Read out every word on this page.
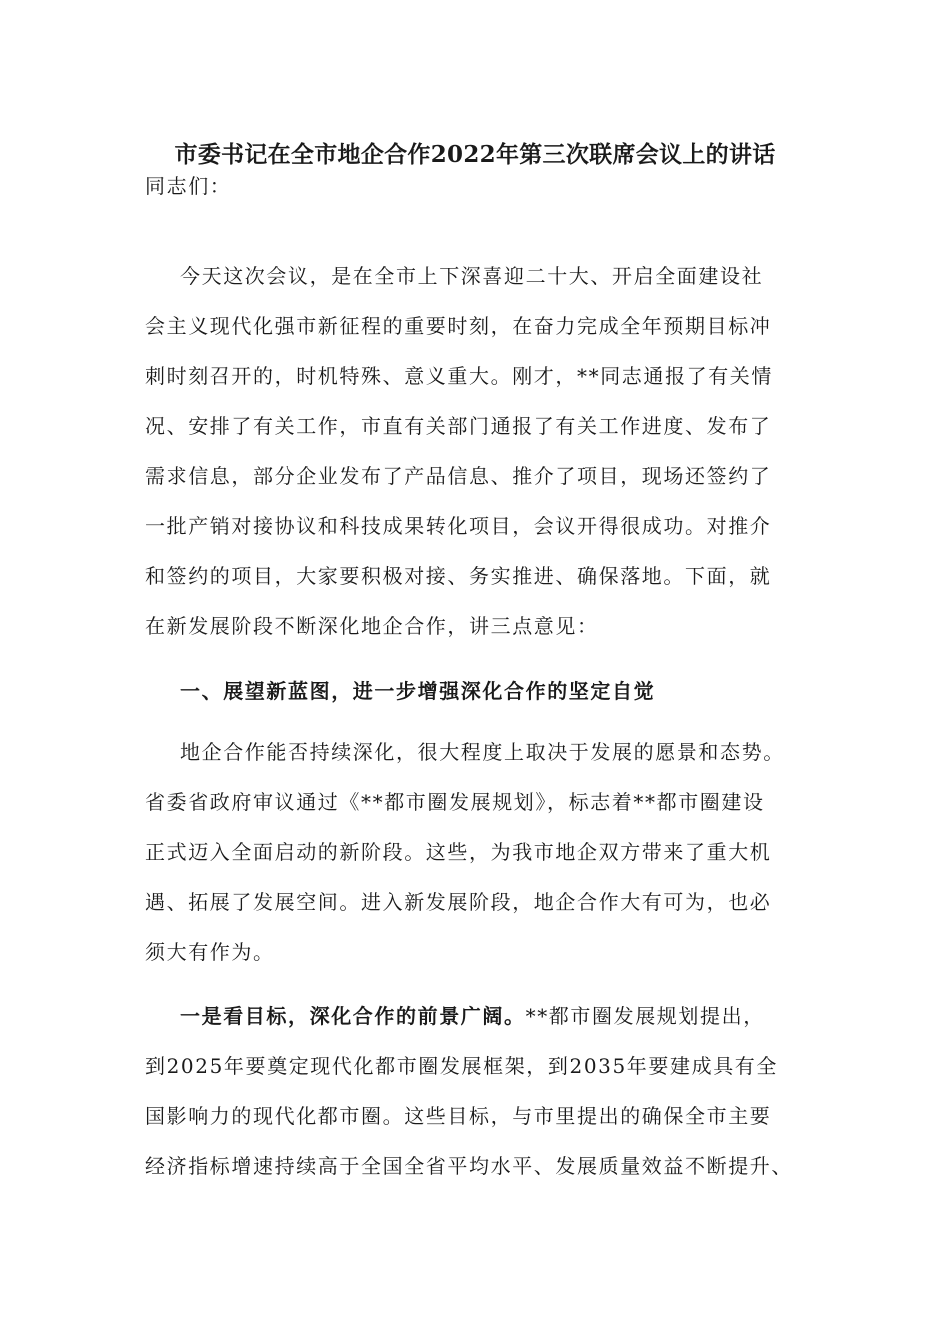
市委书记在全市地企合作2022年第三次联席会议上的讲话
同志们：
今天这次会议，是在全市上下深喜迎二十大、开启全面建设社
会主义现代化强市新征程的重要时刻，在奋力完成全年预期目标冲
刺时刻召开的，时机特殊、意义重大。刚才，**同志通报了有关情
况、安排了有关工作，市直有关部门通报了有关工作进度、发布了
需求信息，部分企业发布了产品信息、推介了项目，现场还签约了
一批产销对接协议和科技成果转化项目，会议开得很成功。对推介
和签约的项目，大家要积极对接、务实推进、确保落地。下面，就
在新发展阶段不断深化地企合作，讲三点意见：
一、展望新蓝图，进一步增强深化合作的坚定自觉
地企合作能否持续深化，很大程度上取决于发展的愿景和态势。
省委省政府审议通过《**都市圈发展规划》，标志着**都市圈建设
正式迈入全面启动的新阶段。这些，为我市地企双方带来了重大机
遇、拓展了发展空间。进入新发展阶段，地企合作大有可为，也必
须大有作为。
一是看目标，深化合作的前景广阔。**都市圈发展规划提出，
到2025年要奠定现代化都市圈发展框架，到2035年要建成具有全
国影响力的现代化都市圈。这些目标，与市里提出的确保全市主要
经济指标增速持续高于全国全省平均水平、发展质量效益不断提升、
